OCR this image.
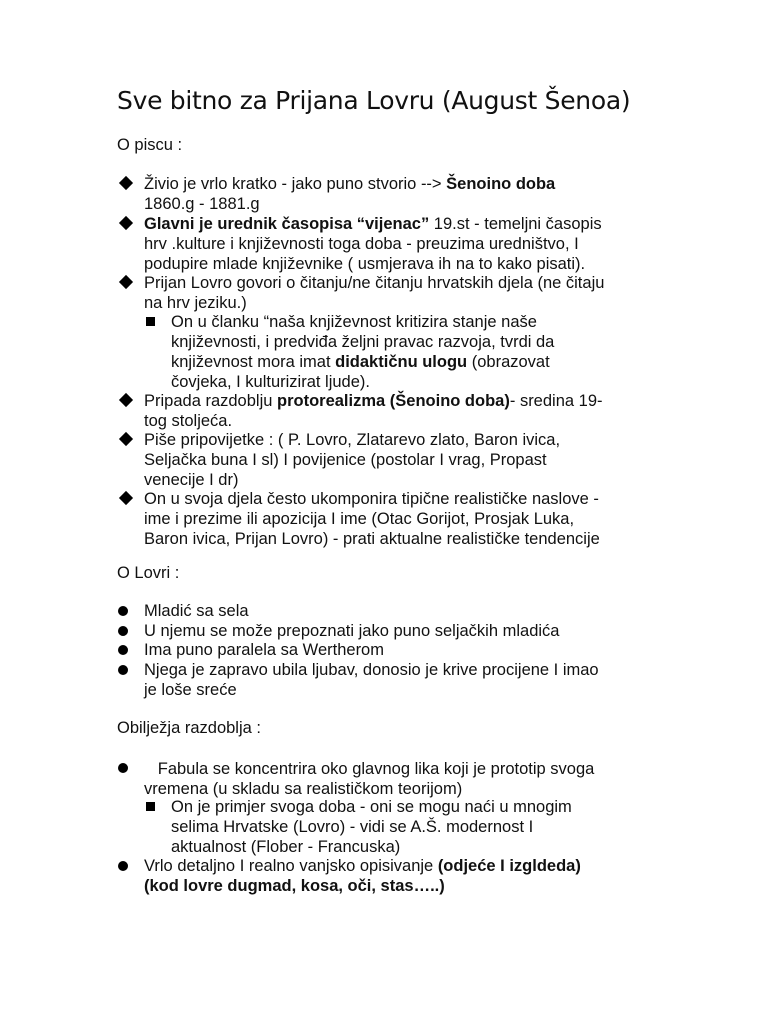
Sve bitno za Prijana Lovru (August Šenoa)
O piscu :
Živio je vrlo kratko - jako puno stvorio --> Šenoino doba
1860.g - 1881.g
Glavni je urednik časopisa “vijenac” 19.st - temeljni časopis
hrv .kulture i književnosti toga doba - preuzima uredništvo, I
podupire mlade književnike ( usmjerava ih na to kako pisati).
Prijan Lovro govori o čitanju/ne čitanju hrvatskih djela (ne čitaju
na hrv jeziku.)
On u članku “naša književnost kritizira stanje naše
književnosti, i predviđa željni pravac razvoja, tvrdi da
književnost mora imat didaktičnu ulogu (obrazovat
čovjeka, I kulturizirat ljude).
Pripada razdoblju protorealizma (Šenoino doba)- sredina 19-
tog stoljeća.
Piše pripovijetke : ( P. Lovro, Zlatarevo zlato, Baron ivica,
Seljačka buna I sl) I povijenice (postolar I vrag, Propast
venecije I dr)
On u svoja djela često ukomponira tipične realističke naslove -
ime i prezime ili apozicija I ime (Otac Gorijot, Prosjak Luka,
Baron ivica, Prijan Lovro) - prati aktualne realističke tendencije
O Lovri :
Mladić sa sela
U njemu se može prepoznati jako puno seljačkih mladića
Ima puno paralela sa Wertherom
Njega je zapravo ubila ljubav, donosio je krive procijene I imao
je loše sreće
Obilježja razdoblja :
Fabula se koncentrira oko glavnog lika koji je prototip svoga
vremena (u skladu sa realističkom teorijom)
On je primjer svoga doba - oni se mogu naći u mnogim
selima Hrvatske (Lovro) - vidi se A.Š. modernost I
aktualnost (Flober - Francuska)
Vrlo detaljno I realno vanjsko opisivanje (odjeće I izgldeda)
(kod lovre dugmad, kosa, oči, stas…..)
